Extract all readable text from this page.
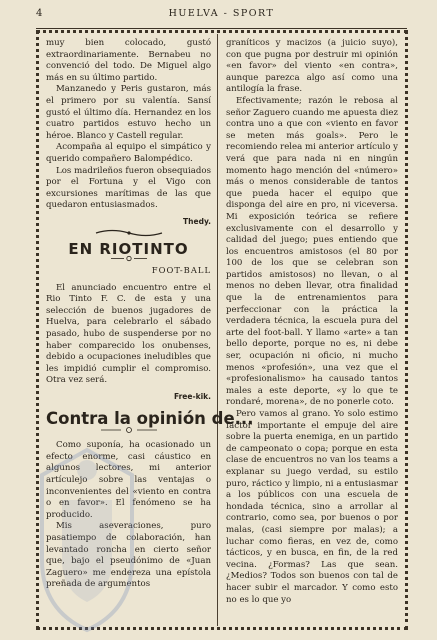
4	HUELVA - SPORT

muy bien colocado, gustó extraordinariamente. Bernabeu no convenció del todo. De Miguel algo más en su último partido.

Manzanedo y Peris gustaron, más el primero por su valentía. Sansí gustó el último día. Hernandez en los cuatro partidos estuvo hecho un héroe. Blanco y Castell regular.

Acompaña al equipo el simpático y querido compañero Balompédico.

Los madrileños fueron obsequiados por el Fortuna y el Vigo con excursiones marítimas de las que quedaron entusiasmados.

Thedy.
EN RIOTINTO
FOOT-BALL

El anunciado encuentro entre el Rio Tinto F. C. de esta y una selección de buenos jugadores de Huelva, para celebrarlo el sábado pasado, hubo de suspenderse por no haber comparecido los onubenses, debido a ocupaciones ineludibles que les impidió cumplir el compromiso. Otra vez será.

Free-kik.
Contra la opinión de...

Como suponía, ha ocasionado un efecto enorme, casi cáustico en algunos lectores, mi anterior artículejo sobre las ventajas o inconvenientes del «viento en contra o en favor». El fenómeno se ha producido.

Mis aseveraciones, puro pasatiempo de colaboración, han levantado roncha en cierto señor que, bajo el pseudónimo de «Juan Zaguero» me endereza una epístola preñada de argumentos

graníticos y macizos (a juicio suyo), con que pugna por destruir mi opinión «en favor» del viento «en contra», aunque parezca algo así como una antilogía la frase.

Efectivamente; razón le rebosa al señor Zaguero cuando me apuesta diez contra uno a que con «viento en favor se meten más goals». Pero le recomiendo relea mi anterior artículo y verá que para nada ni en ningún momento hago mención del «número» más o menos considerable de tantos que pueda hacer el equipo que disponga del aire en pro, ni viceversa. Mi exposición teórica se refiere exclusivamente con el desarrollo y calidad del juego; pues entiendo que los encuentros amistosos (el 80 por 100 de los que se celebran son partidos amistosos) no llevan, o al menos no deben llevar, otra finalidad que la de entrenamientos para perfeccionar con la práctica la verdadera técnica, la escuela pura del arte del foot-ball. Y llamo «arte» a tan bello deporte, porque no es, ni debe ser, ocupación ni oficio, ni mucho menos «profesión», una vez que el «profesionalismo» ha causado tantos males a este deporte, «y lo que te rondaré, morena», de no ponerle coto.

Pero vamos al grano. Yo solo estimo factor importante el empuje del aire sobre la puerta enemiga, en un partido de campeonato o copa; porque en esta clase de encuentros no van los teams a explanar su juego verdad, su estilo puro, ráctico y limpio, ni a entusiasmar a los públicos con una escuela de hondada técnica, sino a arrollar al contrario, como sea, por buenos o por malas, (casi siempre por malas); a luchar como fieras, en vez de, como tácticos, y en busca, en fin, de la red vecina. ¿Formas? Las que sean. ¿Medios? Todos son buenos con tal de hacer subir el marcador. Y como esto no es lo que yo
